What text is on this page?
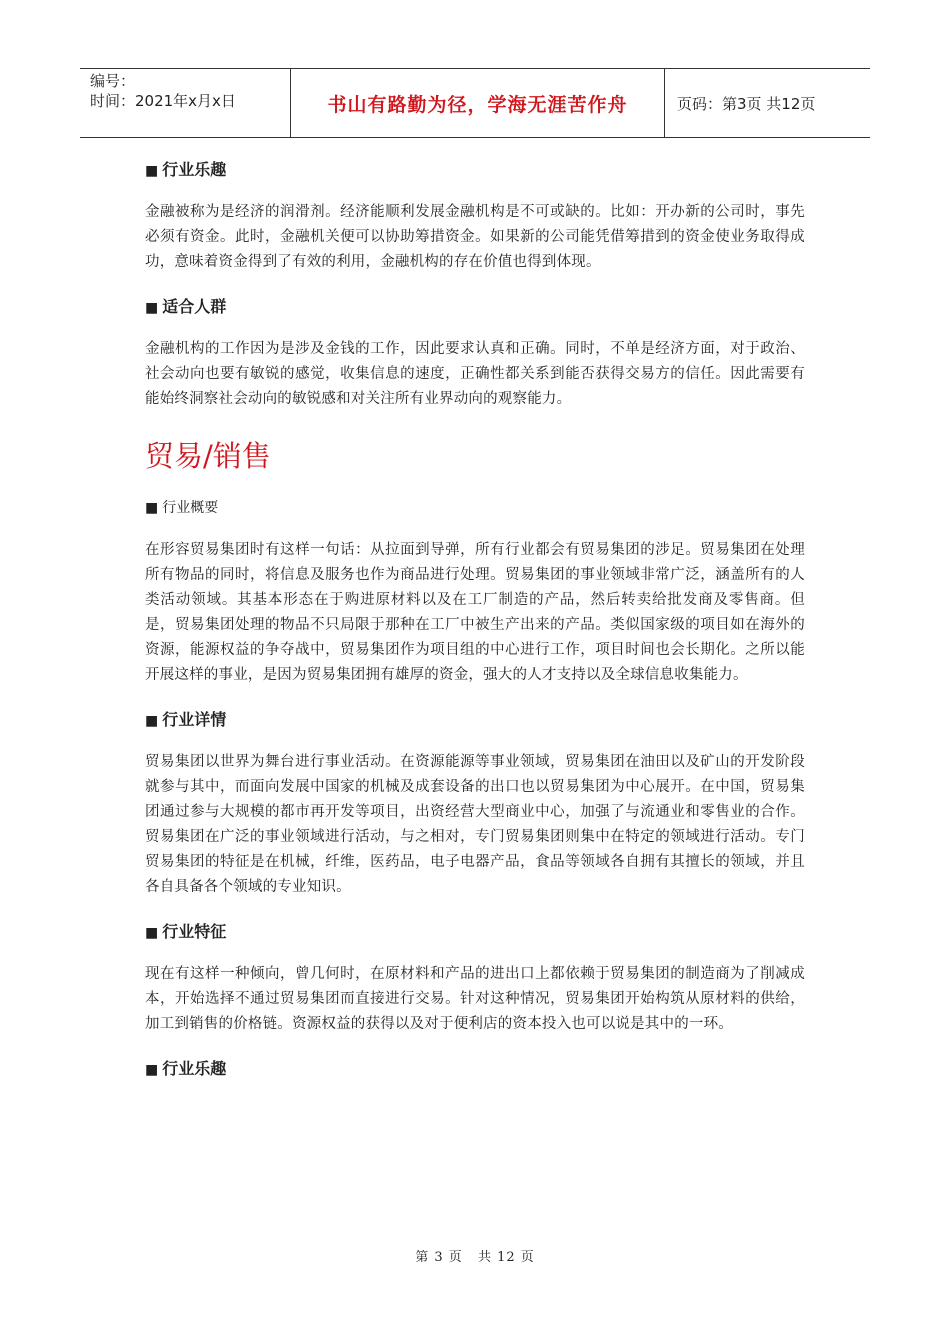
编号：
时间：2021年x月x日	书山有路勤为径，学海无涯苦作舟	页码：第3页 共12页
■ 行业乐趣

金融被称为是经济的润滑剂。经济能顺利发展金融机构是不可或缺的。比如：开办新的公司时，事先必须有资金。此时，金融机关便可以协助筹措资金。如果新的公司能凭借筹措到的资金使业务取得成功，意味着资金得到了有效的利用，金融机构的存在价值也得到体现。

■ 适合人群

金融机构的工作因为是涉及金钱的工作，因此要求认真和正确。同时，不单是经济方面，对于政治、社会动向也要有敏锐的感觉，收集信息的速度，正确性都关系到能否获得交易方的信任。因此需要有能始终洞察社会动向的敏锐感和对关注所有业界动向的观察能力。

贸易/销售
■ 行业概要

在形容贸易集团时有这样一句话：从拉面到导弹，所有行业都会有贸易集团的涉足。贸易集团在处理所有物品的同时，将信息及服务也作为商品进行处理。贸易集团的事业领域非常广泛，涵盖所有的人类活动领域。其基本形态在于购进原材料以及在工厂制造的产品，然后转卖给批发商及零售商。但是，贸易集团处理的物品不只局限于那种在工厂中被生产出来的产品。类似国家级的项目如在海外的资源，能源权益的争夺战中，贸易集团作为项目组的中心进行工作，项目时间也会长期化。之所以能开展这样的事业，是因为贸易集团拥有雄厚的资金，强大的人才支持以及全球信息收集能力。

■ 行业详情

贸易集团以世界为舞台进行事业活动。在资源能源等事业领域，贸易集团在油田以及矿山的开发阶段就参与其中，而面向发展中国家的机械及成套设备的出口也以贸易集团为中心展开。在中国，贸易集团通过参与大规模的都市再开发等项目，出资经营大型商业中心，加强了与流通业和零售业的合作。贸易集团在广泛的事业领域进行活动，与之相对，专门贸易集团则集中在特定的领域进行活动。专门贸易集团的特征是在机械，纤维，医药品，电子电器产品，食品等领域各自拥有其擅长的领域，并且各自具备各个领域的专业知识。

■ 行业特征

现在有这样一种倾向，曾几何时，在原材料和产品的进出口上都依赖于贸易集团的制造商为了削减成本，开始选择不通过贸易集团而直接进行交易。针对这种情况，贸易集团开始构筑从原材料的供给，加工到销售的价格链。资源权益的获得以及对于便利店的资本投入也可以说是其中的一环。

■ 行业乐趣
第 3 页 共 12 页
